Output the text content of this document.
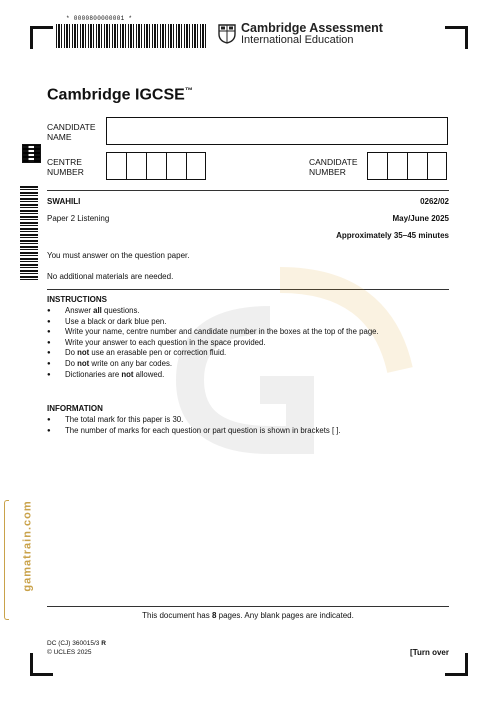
* 0000800000001 *
Cambridge Assessment
International Education
Cambridge IGCSE™
CANDIDATE NAME
CENTRE NUMBER
CANDIDATE NUMBER
SWAHILI	0262/02
Paper 2 Listening	May/June 2025
Approximately 35–45 minutes
You must answer on the question paper.
No additional materials are needed.
INSTRUCTIONS
● Answer all questions.
● Use a black or dark blue pen.
● Write your name, centre number and candidate number in the boxes at the top of the page.
● Write your answer to each question in the space provided.
● Do not use an erasable pen or correction fluid.
● Do not write on any bar codes.
● Dictionaries are not allowed.
INFORMATION
● The total mark for this paper is 30.
● The number of marks for each question or part question is shown in brackets [ ].
gamatrain.com
This document has 8 pages. Any blank pages are indicated.
DC (CJ) 360015/3 R
© UCLES 2025	[Turn over
